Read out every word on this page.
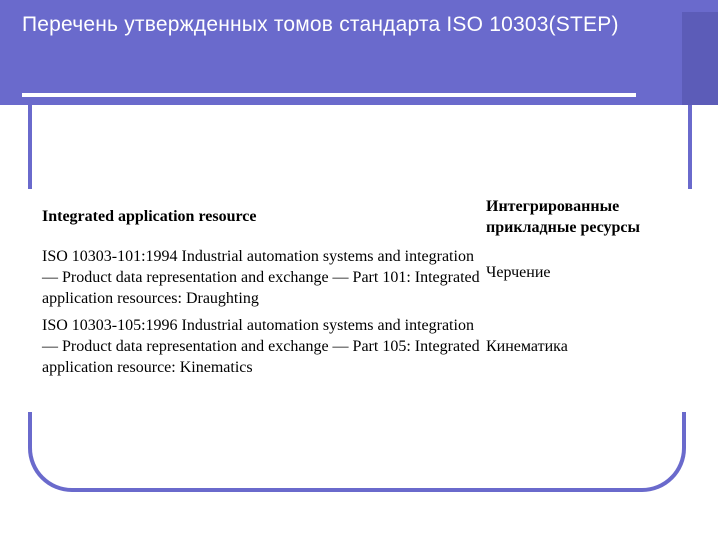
Перечень утвержденных томов стандарта ISO 10303(STEP)
Integrated application resource	Интегрированные прикладные ресурсы
ISO 10303-101:1994 Industrial automation systems and integration — Product data representation and exchange — Part 101: Integrated application resources: Draughting	Черчение
ISO 10303-105:1996 Industrial automation systems and integration — Product data representation and exchange — Part 105: Integrated application resource: Kinematics	Кинематика
